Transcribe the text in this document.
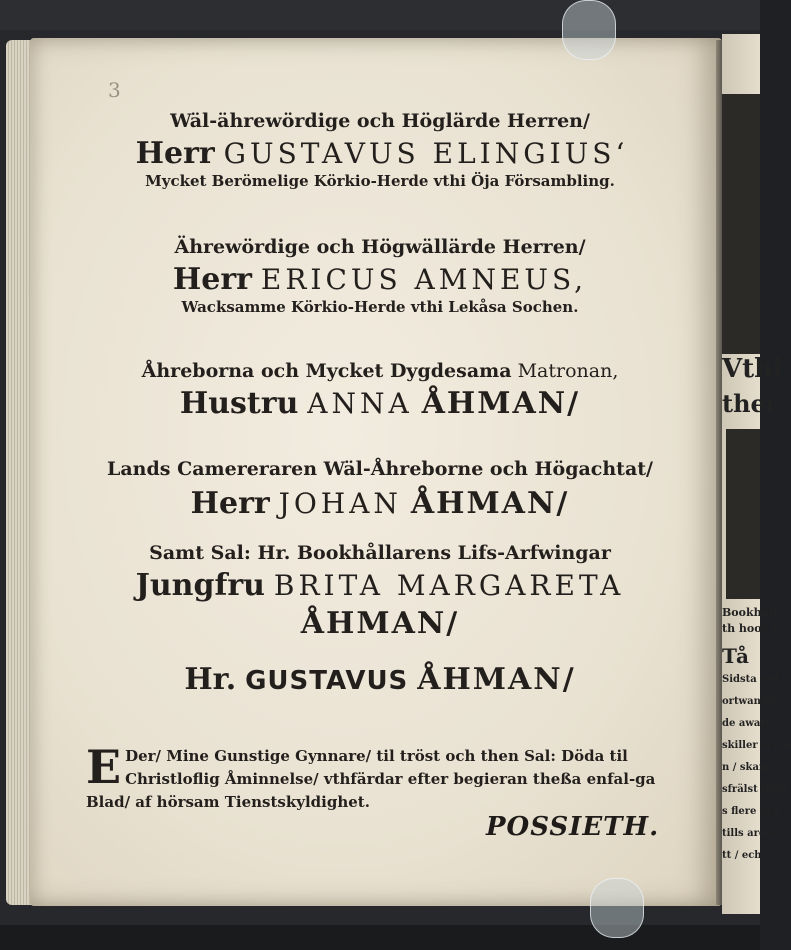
Vthi
ther
Bookhäll
th hoos G
Tå
Sidsta ord
ortwandla
de awatti
skiller ach b
n / skam
sfrälst ithur
s flere och
tills ard of
tt / ech
3
Wäl-ährewördige och Höglärde Herren/
Herr GUSTAVUS ELINGIUS‘
Mycket Berömelige Körkio-Herde vthi Öja Försambling.
Ährewördige och Högwällärde Herren/
Herr ERICUS AMNEUS,
Wacksamme Körkio-Herde vthi Lekåsa Sochen.
Åhreborna och Mycket Dygdesama Matronan,
Hustru ANNA ÅHMAN/
Lands Camereraren Wäl-Åhreborne och Högachtat/
Herr JOHAN ÅHMAN/
Samt Sal: Hr. Bookhållarens Lifs-Arfwingar
Jungfru BRITA MARGARETA
ÅHMAN/
Hr. GUSTAVUS ÅHMAN/
E Der/ Mine Gunstige Gynnare/ til tröst och then Sal: Döda til Christloflig Åminnelse/ vthfärdar efter begieran theßa enfal-ga Blad/ af hörsam Tienstskyldighet.
POSSIETH.
